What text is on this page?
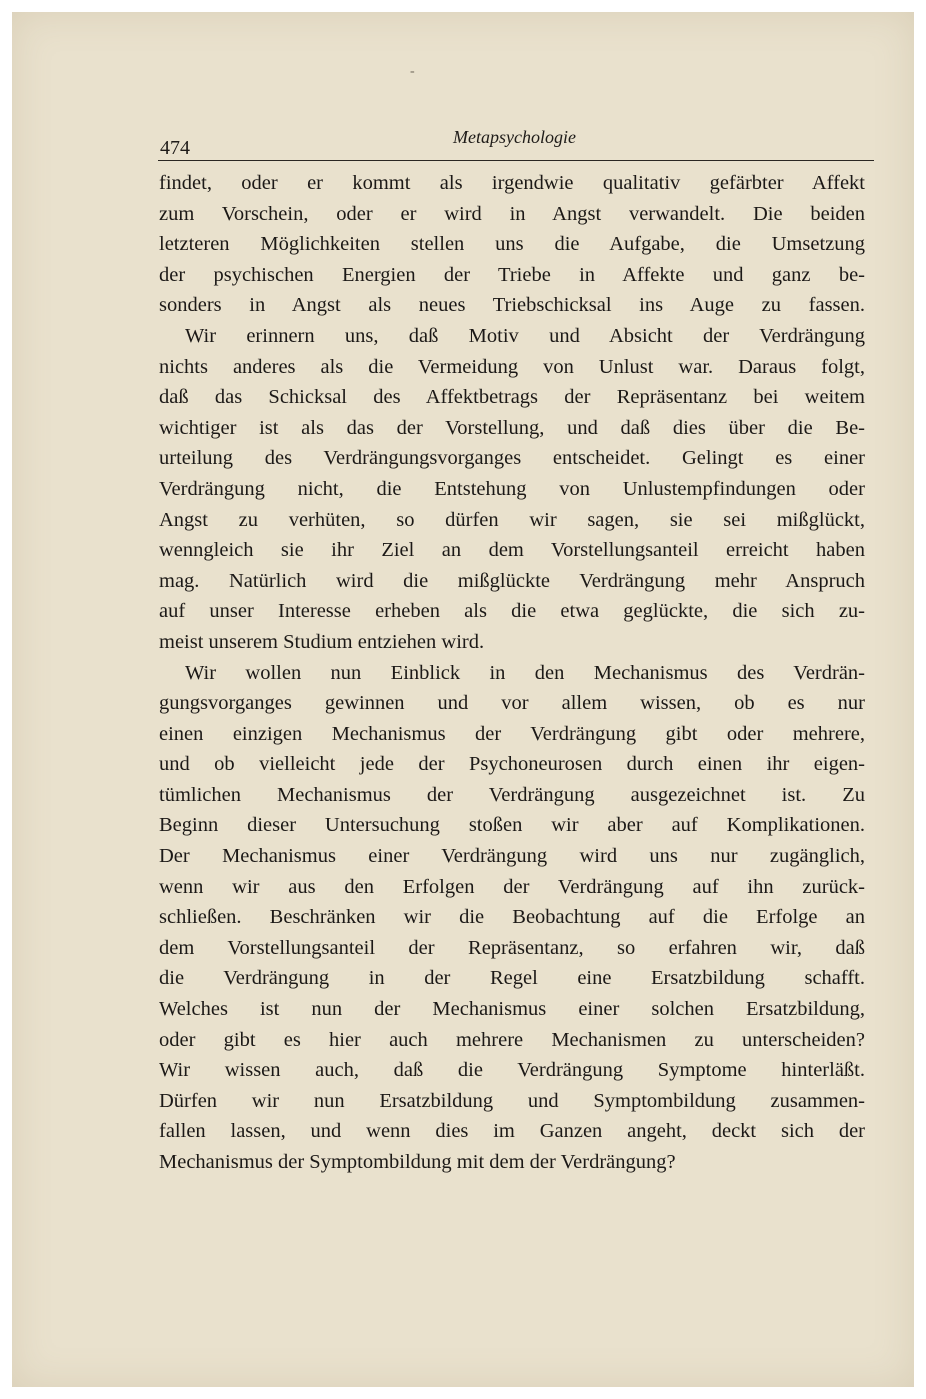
-
474	Metapsychologie
findet, oder er kommt als irgendwie qualitativ gefärbter Affekt
zum Vorschein, oder er wird in Angst verwandelt. Die beiden
letzteren Möglichkeiten stellen uns die Aufgabe, die Umsetzung
der psychischen Energien der Triebe in Affekte und ganz be-
sonders in Angst als neues Triebschicksal ins Auge zu fassen.
Wir erinnern uns, daß Motiv und Absicht der Verdrängung
nichts anderes als die Vermeidung von Unlust war. Daraus folgt,
daß das Schicksal des Affektbetrags der Repräsentanz bei weitem
wichtiger ist als das der Vorstellung, und daß dies über die Be-
urteilung des Verdrängungsvorganges entscheidet. Gelingt es einer
Verdrängung nicht, die Entstehung von Unlustempfindungen oder
Angst zu verhüten, so dürfen wir sagen, sie sei mißglückt,
wenngleich sie ihr Ziel an dem Vorstellungsanteil erreicht haben
mag. Natürlich wird die mißglückte Verdrängung mehr Anspruch
auf unser Interesse erheben als die etwa geglückte, die sich zu-
meist unserem Studium entziehen wird.
Wir wollen nun Einblick in den Mechanismus des Verdrän-
gungsvorganges gewinnen und vor allem wissen, ob es nur
einen einzigen Mechanismus der Verdrängung gibt oder mehrere,
und ob vielleicht jede der Psychoneurosen durch einen ihr eigen-
tümlichen Mechanismus der Verdrängung ausgezeichnet ist. Zu
Beginn dieser Untersuchung stoßen wir aber auf Komplikationen.
Der Mechanismus einer Verdrängung wird uns nur zugänglich,
wenn wir aus den Erfolgen der Verdrängung auf ihn zurück-
schließen. Beschränken wir die Beobachtung auf die Erfolge an
dem Vorstellungsanteil der Repräsentanz, so erfahren wir, daß
die Verdrängung in der Regel eine Ersatzbildung schafft.
Welches ist nun der Mechanismus einer solchen Ersatzbildung,
oder gibt es hier auch mehrere Mechanismen zu unterscheiden?
Wir wissen auch, daß die Verdrängung Symptome hinterläßt.
Dürfen wir nun Ersatzbildung und Symptombildung zusammen-
fallen lassen, und wenn dies im Ganzen angeht, deckt sich der
Mechanismus der Symptombildung mit dem der Verdrängung?
